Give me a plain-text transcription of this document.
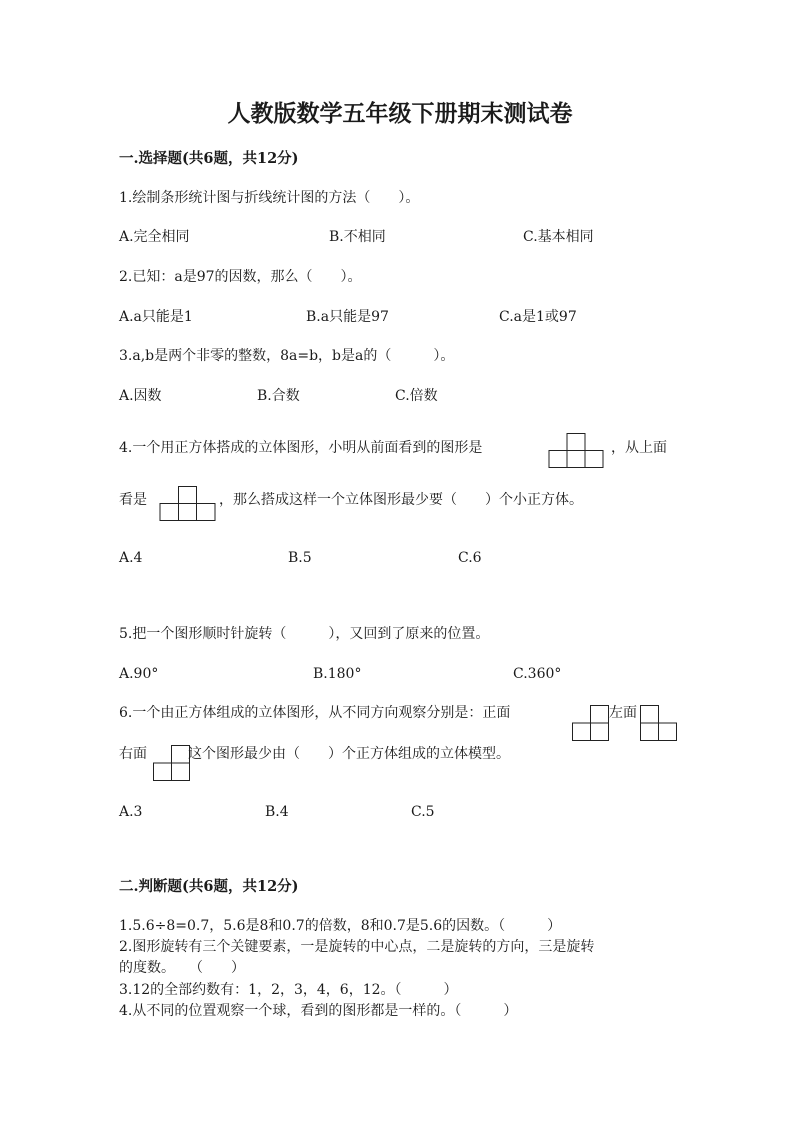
人教版数学五年级下册期末测试卷
一.选择题(共6题，共12分)
1.绘制条形统计图与折线统计图的方法（　　）。
A.完全相同	B.不相同	C.基本相同
2.已知：a是97的因数，那么（　　）。
A.a只能是1	B.a只能是97	C.a是1或97
3.a,b是两个非零的整数，8a=b，b是a的（　　　）。
A.因数	B.合数	C.倍数
4.一个用正方体搭成的立体图形，小明从前面看到的图形是	，从上面
看是	，那么搭成这样一个立体图形最少要（　　）个小正方体。
A.4	B.5	C.6
5.把一个图形顺时针旋转（　　　），又回到了原来的位置。
A.90°	B.180°	C.360°
6.一个由正方体组成的立体图形，从不同方向观察分别是：正面	左面
右面	这个图形最少由（　　）个正方体组成的立体模型。
A.3	B.4	C.5
二.判断题(共6题，共12分)
1.5.6÷8=0.7，5.6是8和0.7的倍数，8和0.7是5.6的因数。（　　　）
2.图形旋转有三个关键要素，一是旋转的中心点，二是旋转的方向，三是旋转
的度数。　　（　　）
3.12的全部约数有：1，2，3，4，6，12。（　　　）
4.从不同的位置观察一个球，看到的图形都是一样的。（　　　）
